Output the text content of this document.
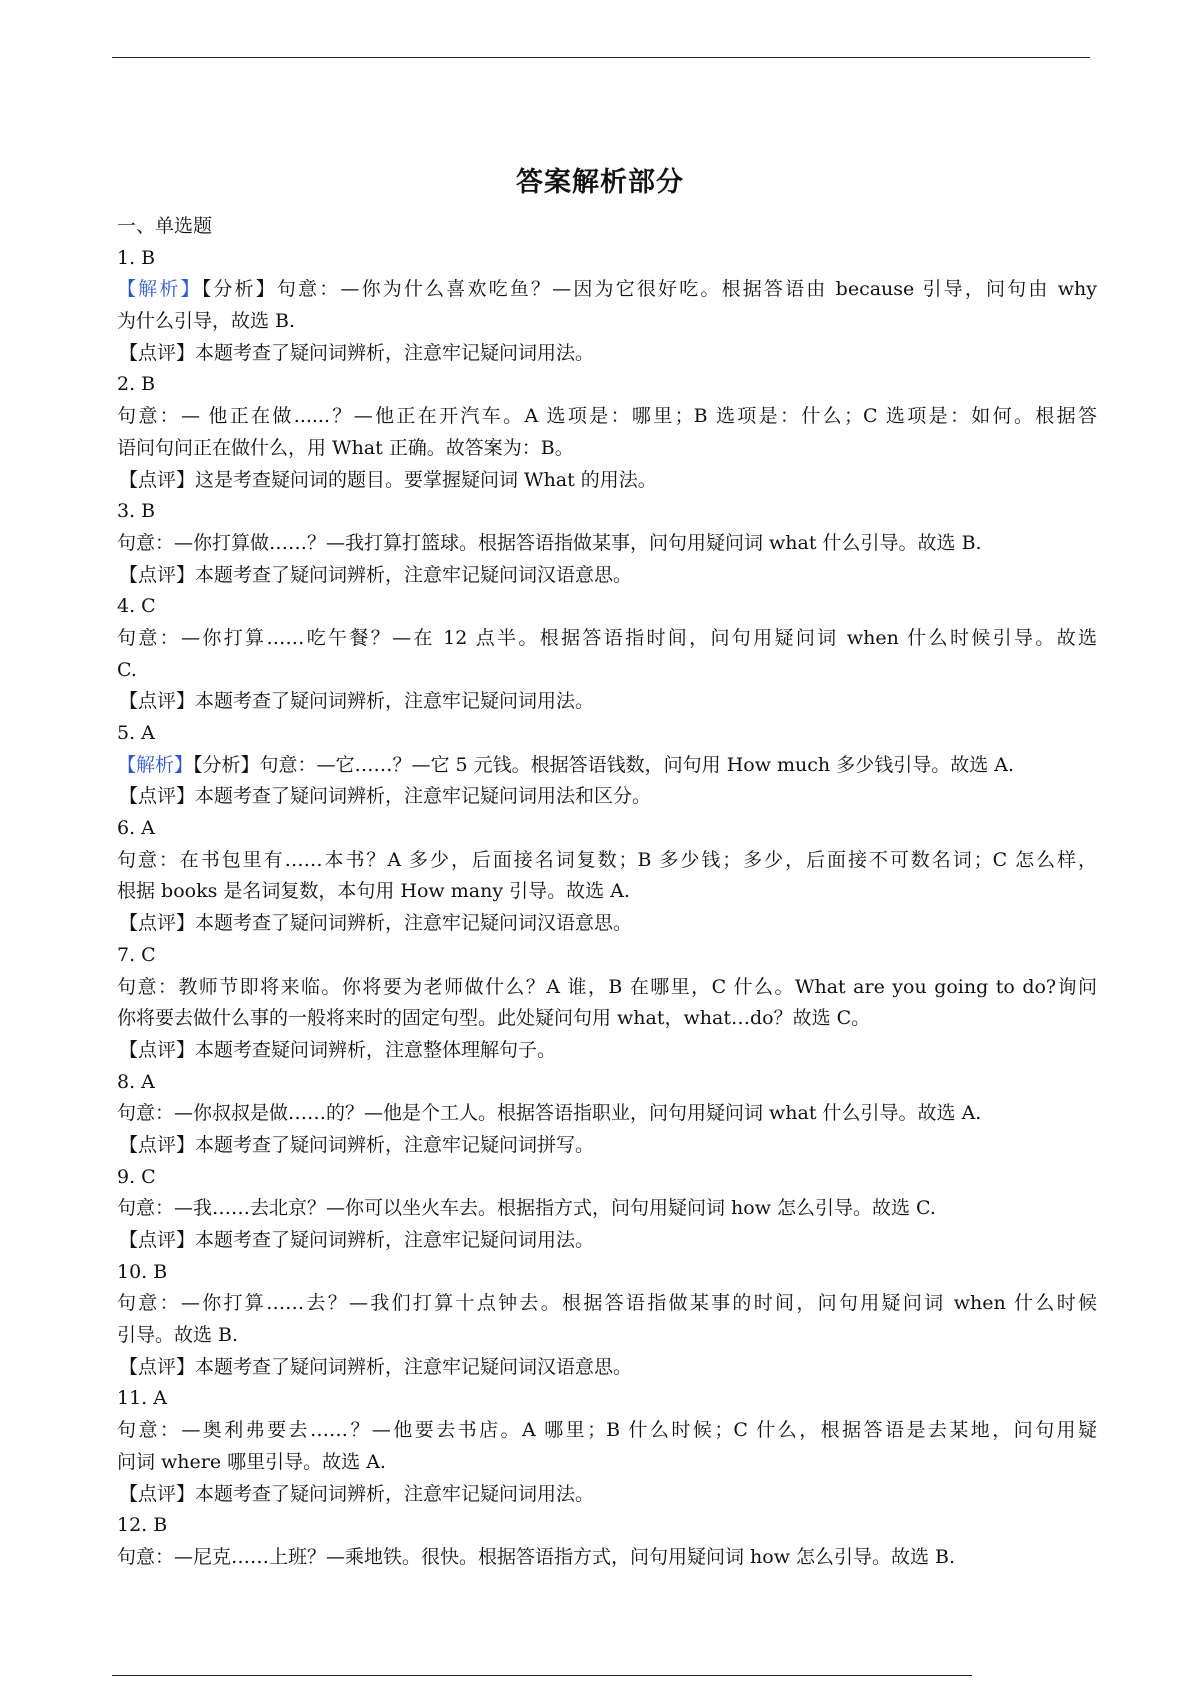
答案解析部分
一、单选题
1. B
【解析】【分析】句意：—你为什么喜欢吃鱼？—因为它很好吃。根据答语由 because 引导，问句由 why
为什么引导，故选 B.
【点评】本题考查了疑问词辨析，注意牢记疑问词用法。
2. B
句意：— 他正在做......？—他正在开汽车。A 选项是：哪里；B 选项是：什么；C 选项是：如何。根据答
语问句问正在做什么，用 What 正确。故答案为：B。
【点评】这是考查疑问词的题目。要掌握疑问词 What 的用法。
3. B
句意：—你打算做……？—我打算打篮球。根据答语指做某事，问句用疑问词 what 什么引导。故选 B.
【点评】本题考查了疑问词辨析，注意牢记疑问词汉语意思。
4. C
句意：—你打算……吃午餐？—在 12 点半。根据答语指时间，问句用疑问词 when 什么时候引导。故选
C.
【点评】本题考查了疑问词辨析，注意牢记疑问词用法。
5. A
【解析】【分析】句意：—它……？—它 5 元钱。根据答语钱数，问句用 How much 多少钱引导。故选 A.
【点评】本题考查了疑问词辨析，注意牢记疑问词用法和区分。
6. A
句意：在书包里有……本书？A 多少，后面接名词复数；B 多少钱；多少，后面接不可数名词；C 怎么样，
根据 books 是名词复数，本句用 How many 引导。故选 A.
【点评】本题考查了疑问词辨析，注意牢记疑问词汉语意思。
7. C
句意：教师节即将来临。你将要为老师做什么？A 谁，B 在哪里，C 什么。What are you going to do?询问
你将要去做什么事的一般将来时的固定句型。此处疑问句用 what，what…do？故选 C。
【点评】本题考查疑问词辨析，注意整体理解句子。
8. A
句意：—你叔叔是做……的？—他是个工人。根据答语指职业，问句用疑问词 what 什么引导。故选 A.
【点评】本题考查了疑问词辨析，注意牢记疑问词拼写。
9. C
句意：—我……去北京？—你可以坐火车去。根据指方式，问句用疑问词 how 怎么引导。故选 C.
【点评】本题考查了疑问词辨析，注意牢记疑问词用法。
10. B
句意：—你打算……去？—我们打算十点钟去。根据答语指做某事的时间，问句用疑问词 when 什么时候
引导。故选 B.
【点评】本题考查了疑问词辨析，注意牢记疑问词汉语意思。
11. A
句意：—奥利弗要去……？—他要去书店。A 哪里；B 什么时候；C 什么，根据答语是去某地，问句用疑
问词 where 哪里引导。故选 A.
【点评】本题考查了疑问词辨析，注意牢记疑问词用法。
12. B
句意：—尼克……上班？—乘地铁。很快。根据答语指方式，问句用疑问词 how 怎么引导。故选 B.
